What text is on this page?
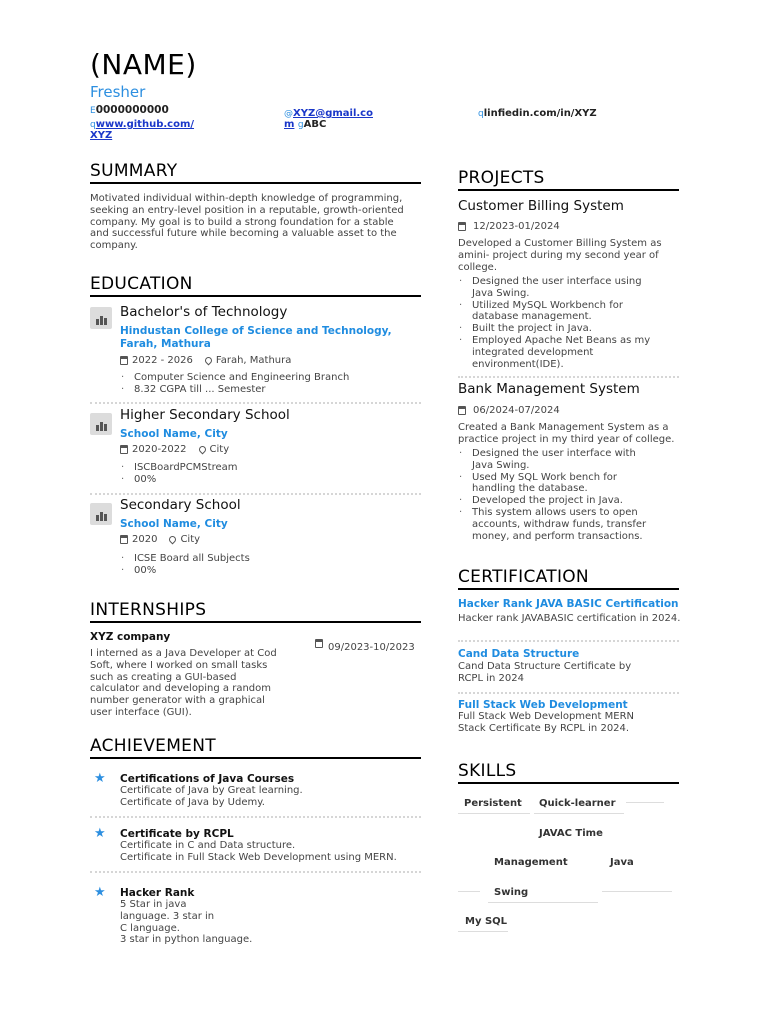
(NAME)
Fresher
E0000000000
qwww.github.com/
XYZ
@XYZ@gmail.co
m gABC
qlinfiedin.com/in/XYZ
SUMMARY
Motivated individual within-depth knowledge of programming,
seeking an entry-level position in a reputable, growth-oriented
company. My goal is to build a strong foundation for a stable
and successful future while becoming a valuable asset to the
company.
EDUCATION
Bachelor's of Technology
Hindustan College of Science and Technology,
Farah, Mathura
2022 - 2026 Farah, Mathura
· Computer Science and Engineering Branch
· 8.32 CGPA till ... Semester
Higher Secondary School
School Name, City
2020-2022 City
· ISCBoardPCMStream
· 00%
Secondary School
School Name, City
2020 City
· ICSE Board all Subjects
· 00%
INTERNSHIPS
XYZ company
09/2023-10/2023
I interned as a Java Developer at Cod
Soft, where I worked on small tasks
such as creating a GUI-based
calculator and developing a random
number generator with a graphical
user interface (GUI).
ACHIEVEMENT
★ Certifications of Java Courses
Certificate of Java by Great learning.
Certificate of Java by Udemy.
★ Certificate by RCPL
Certificate in C and Data structure.
Certificate in Full Stack Web Development using MERN.
★ Hacker Rank
5 Star in java
language. 3 star in
C language.
3 star in python language.
PROJECTS
Customer Billing System
12/2023-01/2024
Developed a Customer Billing System as
amini- project during my second year of
college.
· Designed the user interface using
Java Swing.
· Utilized MySQL Workbench for
database management.
· Built the project in Java.
· Employed Apache Net Beans as my
integrated development
environment(IDE).
Bank Management System
06/2024-07/2024
Created a Bank Management System as a
practice project in my third year of college.
· Designed the user interface with
Java Swing.
· Used My SQL Work bench for
handling the database.
· Developed the project in Java.
· This system allows users to open
accounts, withdraw funds, transfer
money, and perform transactions.
CERTIFICATION
Hacker Rank JAVA BASIC Certification
Hacker rank JAVABASIC certification in 2024.
Cand Data Structure
Cand Data Structure Certificate by
RCPL in 2024
Full Stack Web Development
Full Stack Web Development MERN
Stack Certificate By RCPL in 2024.
SKILLS
Persistent	Quick-learner
JAVAC Time
Management	Java
Swing
My SQL
